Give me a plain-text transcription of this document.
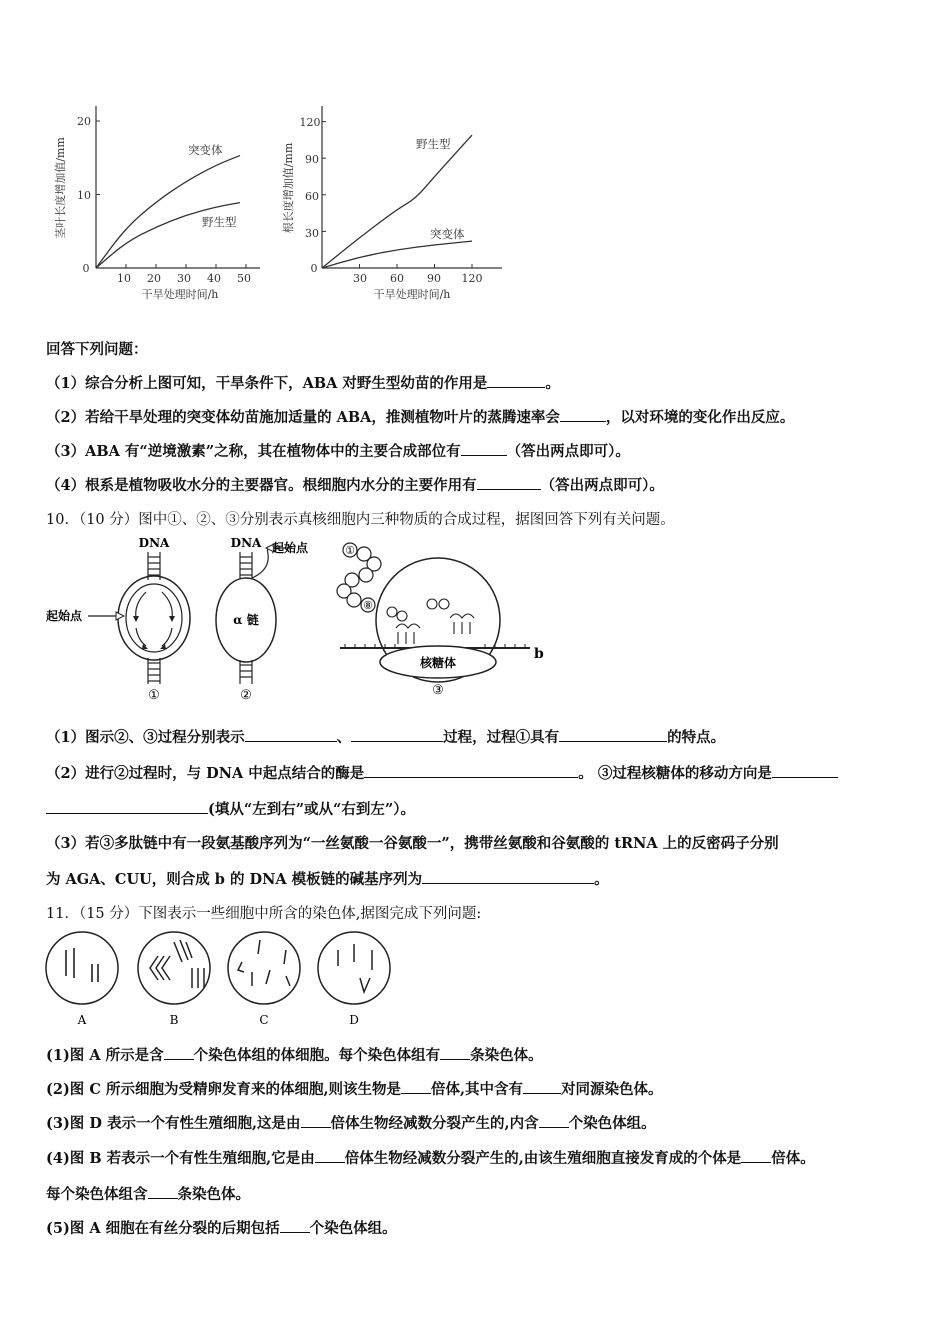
0
10
20
10 20 30 40 50
干旱处理时间/h
茎叶长度增加值/mm	突变体
野生型
0
30
60
90
120
30 60 90 120
干旱处理时间/h
根长度增加值/mm	野生型
突变体
回答下列问题：
（1）综合分析上图可知，干旱条件下，ABA 对野生型幼苗的作用是	。
（2）若给干旱处理的突变体幼苗施加适量的 ABA，推测植物叶片的蒸腾速率会	，以对环境的变化作出反应。
（3）ABA 有“逆境激素”之称，其在植物体中的主要合成部位有	（答出两点即可）。
（4）根系是植物吸收水分的主要器官。根细胞内水分的主要作用有	（答出两点即可）。
10．（10 分）图中①、②、③分别表示真核细胞内三种物质的合成过程，据图回答下列有关问题。
DNA
起始点
①
DNA
α 链
起始点
②
①
⑧
核糖体
b
③
（1）图示②、③过程分别表示	、	过程，过程①具有	的特点。
（2）进行②过程时，与 DNA 中起点结合的酶是	。 ③过程核糖体的移动方向是
(填从“左到右”或从“右到左”）。
（3）若③多肽链中有一段氨基酸序列为“一丝氨酸一谷氨酸一”，携带丝氨酸和谷氨酸的 tRNA 上的反密码子分别
为 AGA、CUU，则合成 b 的 DNA 模板链的碱基序列为	。
11．（15 分）下图表示一些细胞中所含的染色体,据图完成下列问题:
A	B	C	D
(1)图 A 所示是含 个染色体组的体细胞。每个染色体组有 条染色体。
(2)图 C 所示细胞为受精卵发育来的体细胞,则该生物是 倍体,其中含有	对同源染色体。
(3)图 D 表示一个有性生殖细胞,这是由 倍体生物经减数分裂产生的,内含 个染色体组。
(4)图 B 若表示一个有性生殖细胞,它是由 倍体生物经减数分裂产生的,由该生殖细胞直接发育成的个体是 倍体。
每个染色体组含 条染色体。
(5)图 A 细胞在有丝分裂的后期包括 个染色体组。
